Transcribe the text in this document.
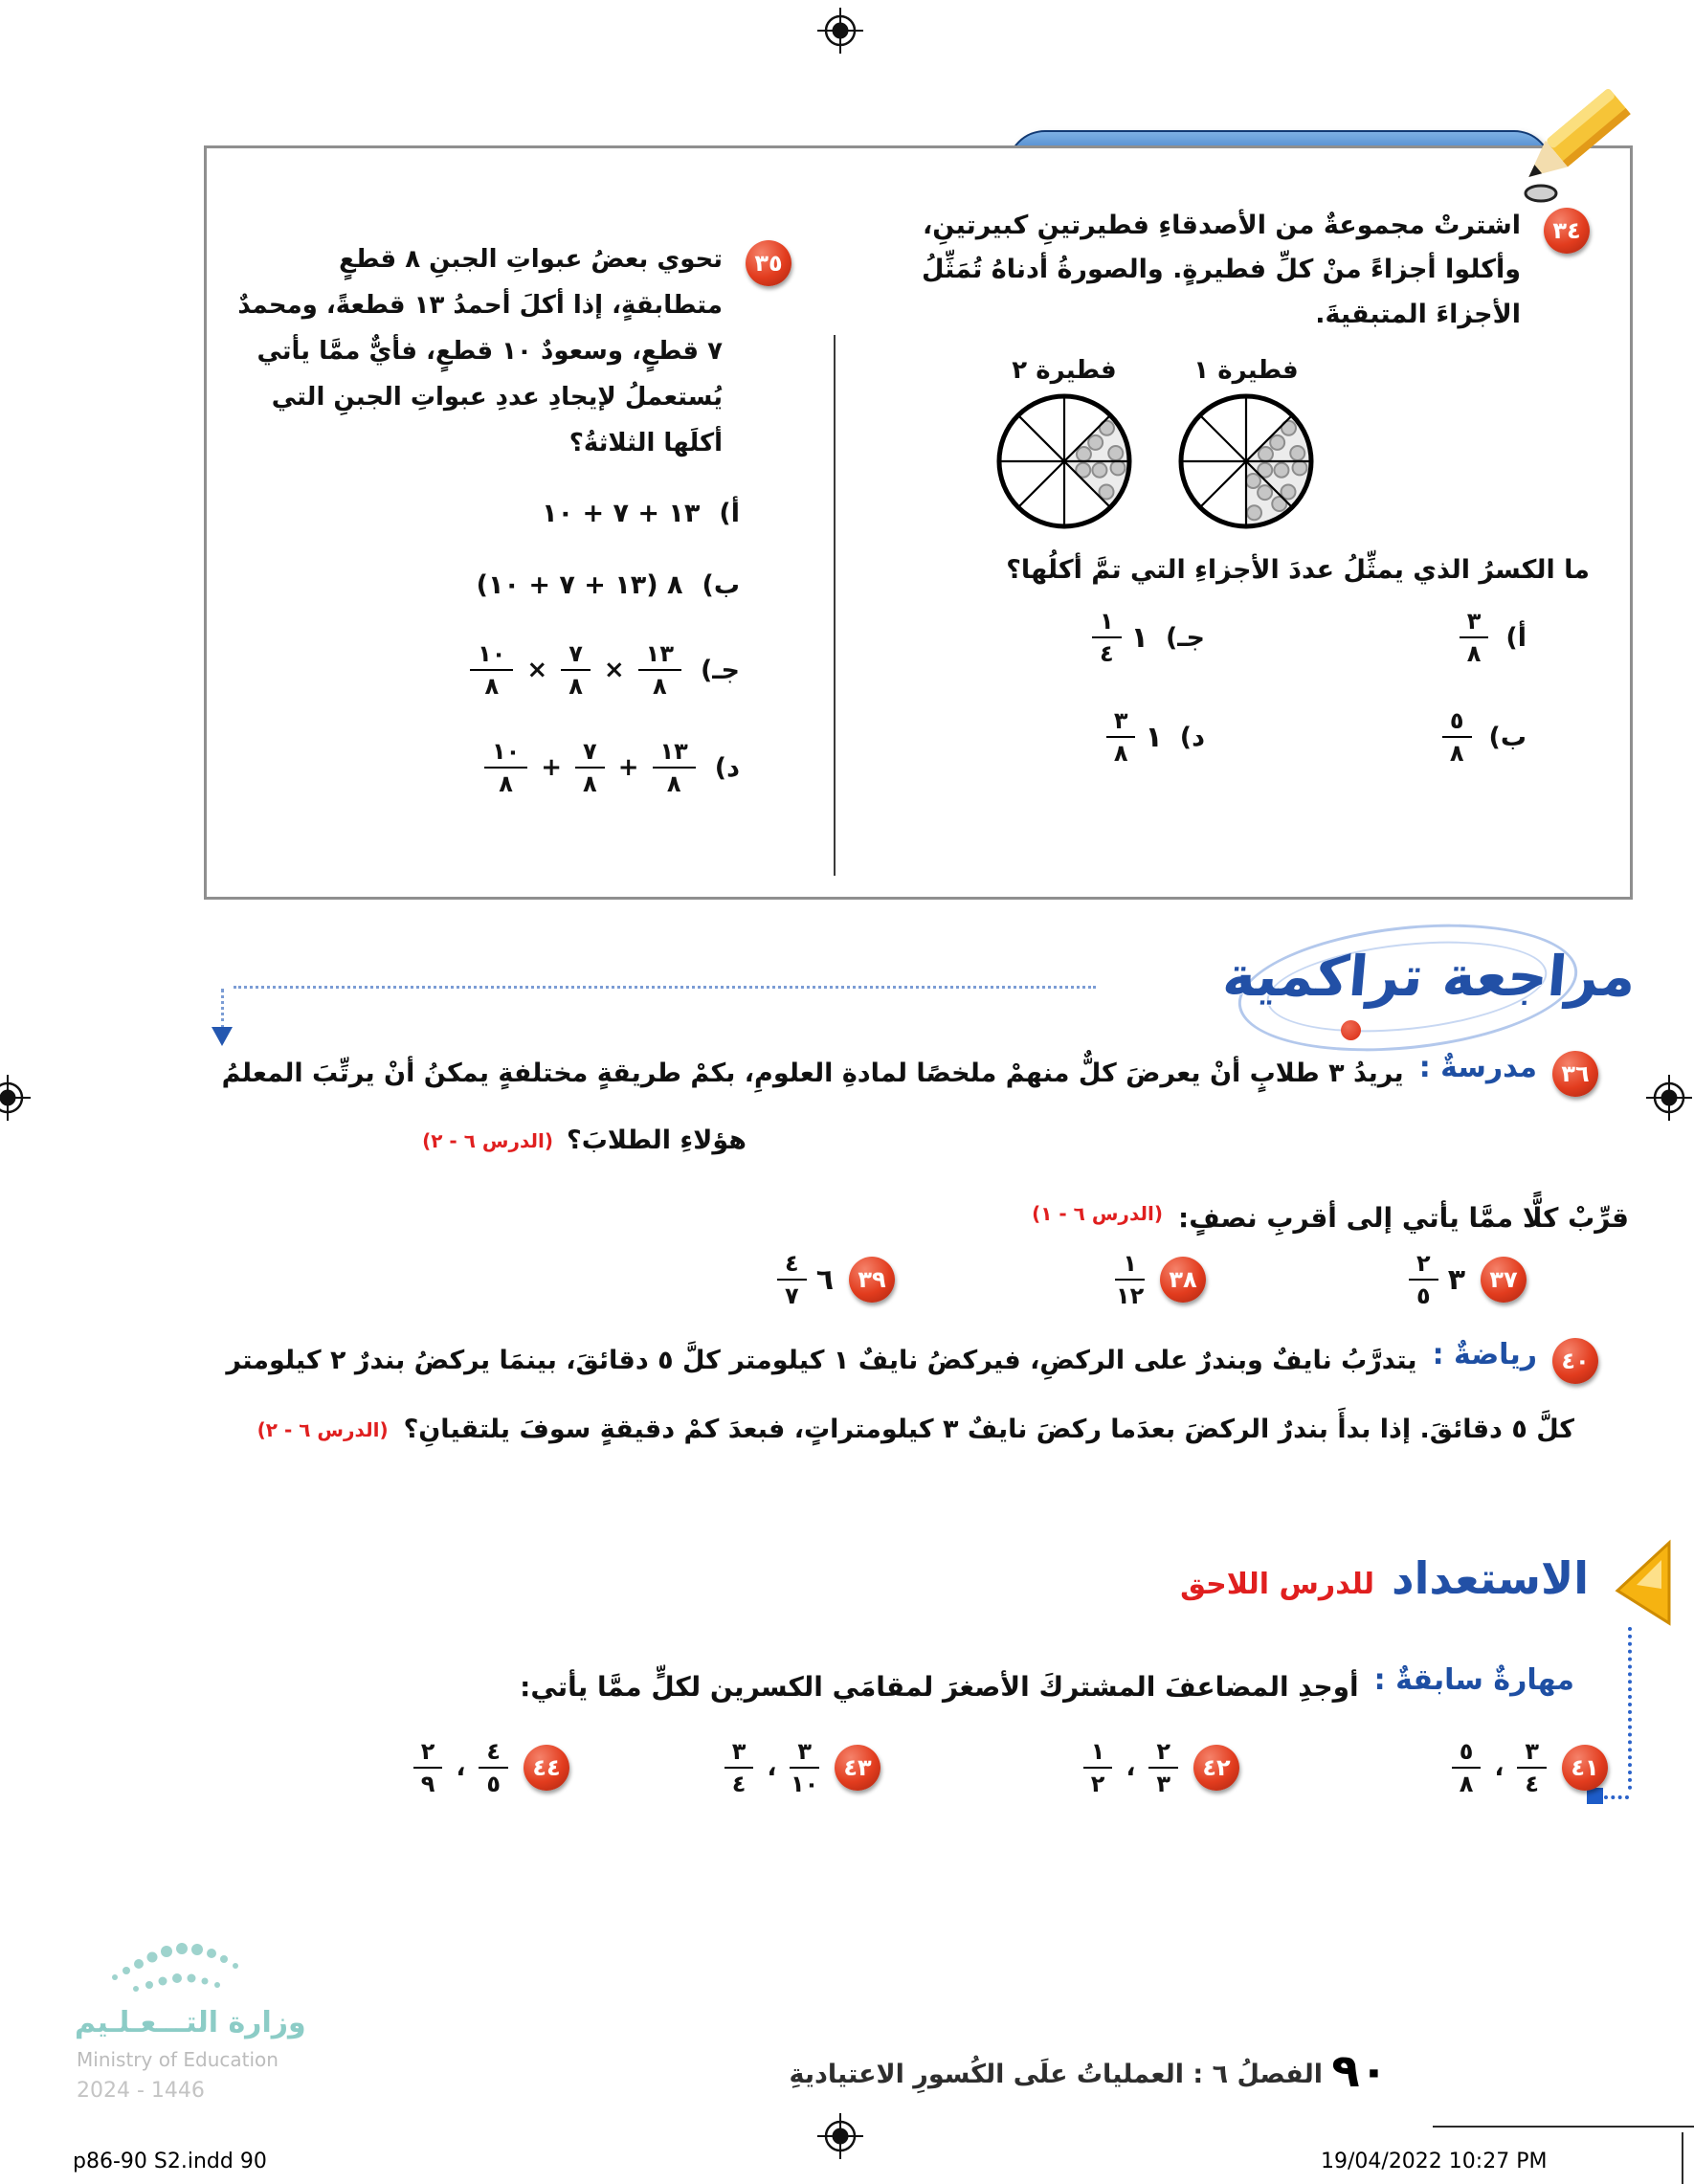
٣٤
اشترتْ مجموعةٌ من الأصدقاءِ فطيرتينِ كبيرتينِ، وأكلوا أجزاءً منْ كلِّ فطيرةٍ. والصورةُ أدناهُ تُمَثِّلُ الأجزاءَ المتبقيةَ.
فطيرة ١
فطيرة ٢
ما الكسرُ الذي يمثِّلُ عددَ الأجزاءِ التي تمَّ أكلُها؟
أ)
$\frac{٣}{٨}$
جـ)
١
$\frac{١}{٤}$
ب)
$\frac{٥}{٨}$
د)
١
$\frac{٣}{٨}$
٣٥
تحوي بعضُ عبواتِ الجبنِ ٨ قطعٍ متطابقةٍ، إذا أكلَ أحمدُ ١٣ قطعةً، ومحمدٌ ٧ قطعٍ، وسعودٌ ١٠ قطعٍ، فأيٌّ ممَّا يأتي يُستعملُ لإيجادِ عددِ عبواتِ الجبنِ التي أكلَها الثلاثةُ؟
أ)
١٣ + ٧ + ١٠
ب)
٨ (١٣ + ٧ + ١٠)
جـ)
$\frac{١٣}{٨}$
×
$\frac{٧}{٨}$
×
$\frac{١٠}{٨}$
د)
$\frac{١٣}{٨}$
+
$\frac{٧}{٨}$
+
$\frac{١٠}{٨}$
مراجعة تراكمية
٣٦
مدرسةٌ :
يريدُ ٣ طلابٍ أنْ يعرضَ كلٌّ منهمْ ملخصًا لمادةِ العلومِ، بكمْ طريقةٍ مختلفةٍ يمكنُ أنْ يرتِّبَ المعلمُ
هؤلاءِ الطلابَ؟
(الدرس ٦ - ٢)
قرِّبْ كلًّا ممَّا يأتي إلى أقربِ نصفٍ:
(الدرس ٦ - ١)
٣٧
٣
$\frac{٢}{٥}$
٣٨
$\frac{١}{١٢}$
٣٩
٦
$\frac{٤}{٧}$
٤٠
رياضةٌ :
يتدرَّبُ نايفٌ وبندرٌ على الركضِ، فيركضُ نايفٌ ١ كيلومتر كلَّ ٥ دقائقَ، بينمَا يركضُ بندرٌ ٢ كيلومتر
كلَّ ٥ دقائقَ. إذا بدأَ بندرٌ الركضَ بعدَما ركضَ نايفٌ ٣ كيلومتراتٍ، فبعدَ كمْ دقيقةٍ سوفَ يلتقيانِ؟
(الدرس ٦ - ٢)
الاستعداد
للدرس اللاحق
مهارةٌ سابقةٌ :
أوجدِ المضاعفَ المشتركَ الأصغرَ لمقامَي الكسرين لكلٍّ ممَّا يأتي:
٤١
$\frac{٣}{٤}$
،
$\frac{٥}{٨}$
٤٢
$\frac{٢}{٣}$
،
$\frac{١}{٢}$
٤٣
$\frac{٣}{١٠}$
،
$\frac{٣}{٤}$
٤٤
$\frac{٤}{٥}$
،
$\frac{٢}{٩}$
٩٠
الفصلُ ٦ : العملياتُ علَى الكُسورِ الاعتياديةِ
وزارة التـــعـلـيم
Ministry of Education
2024 - 1446
p86-90 S2.indd 90	19/04/2022 10:27 PM
